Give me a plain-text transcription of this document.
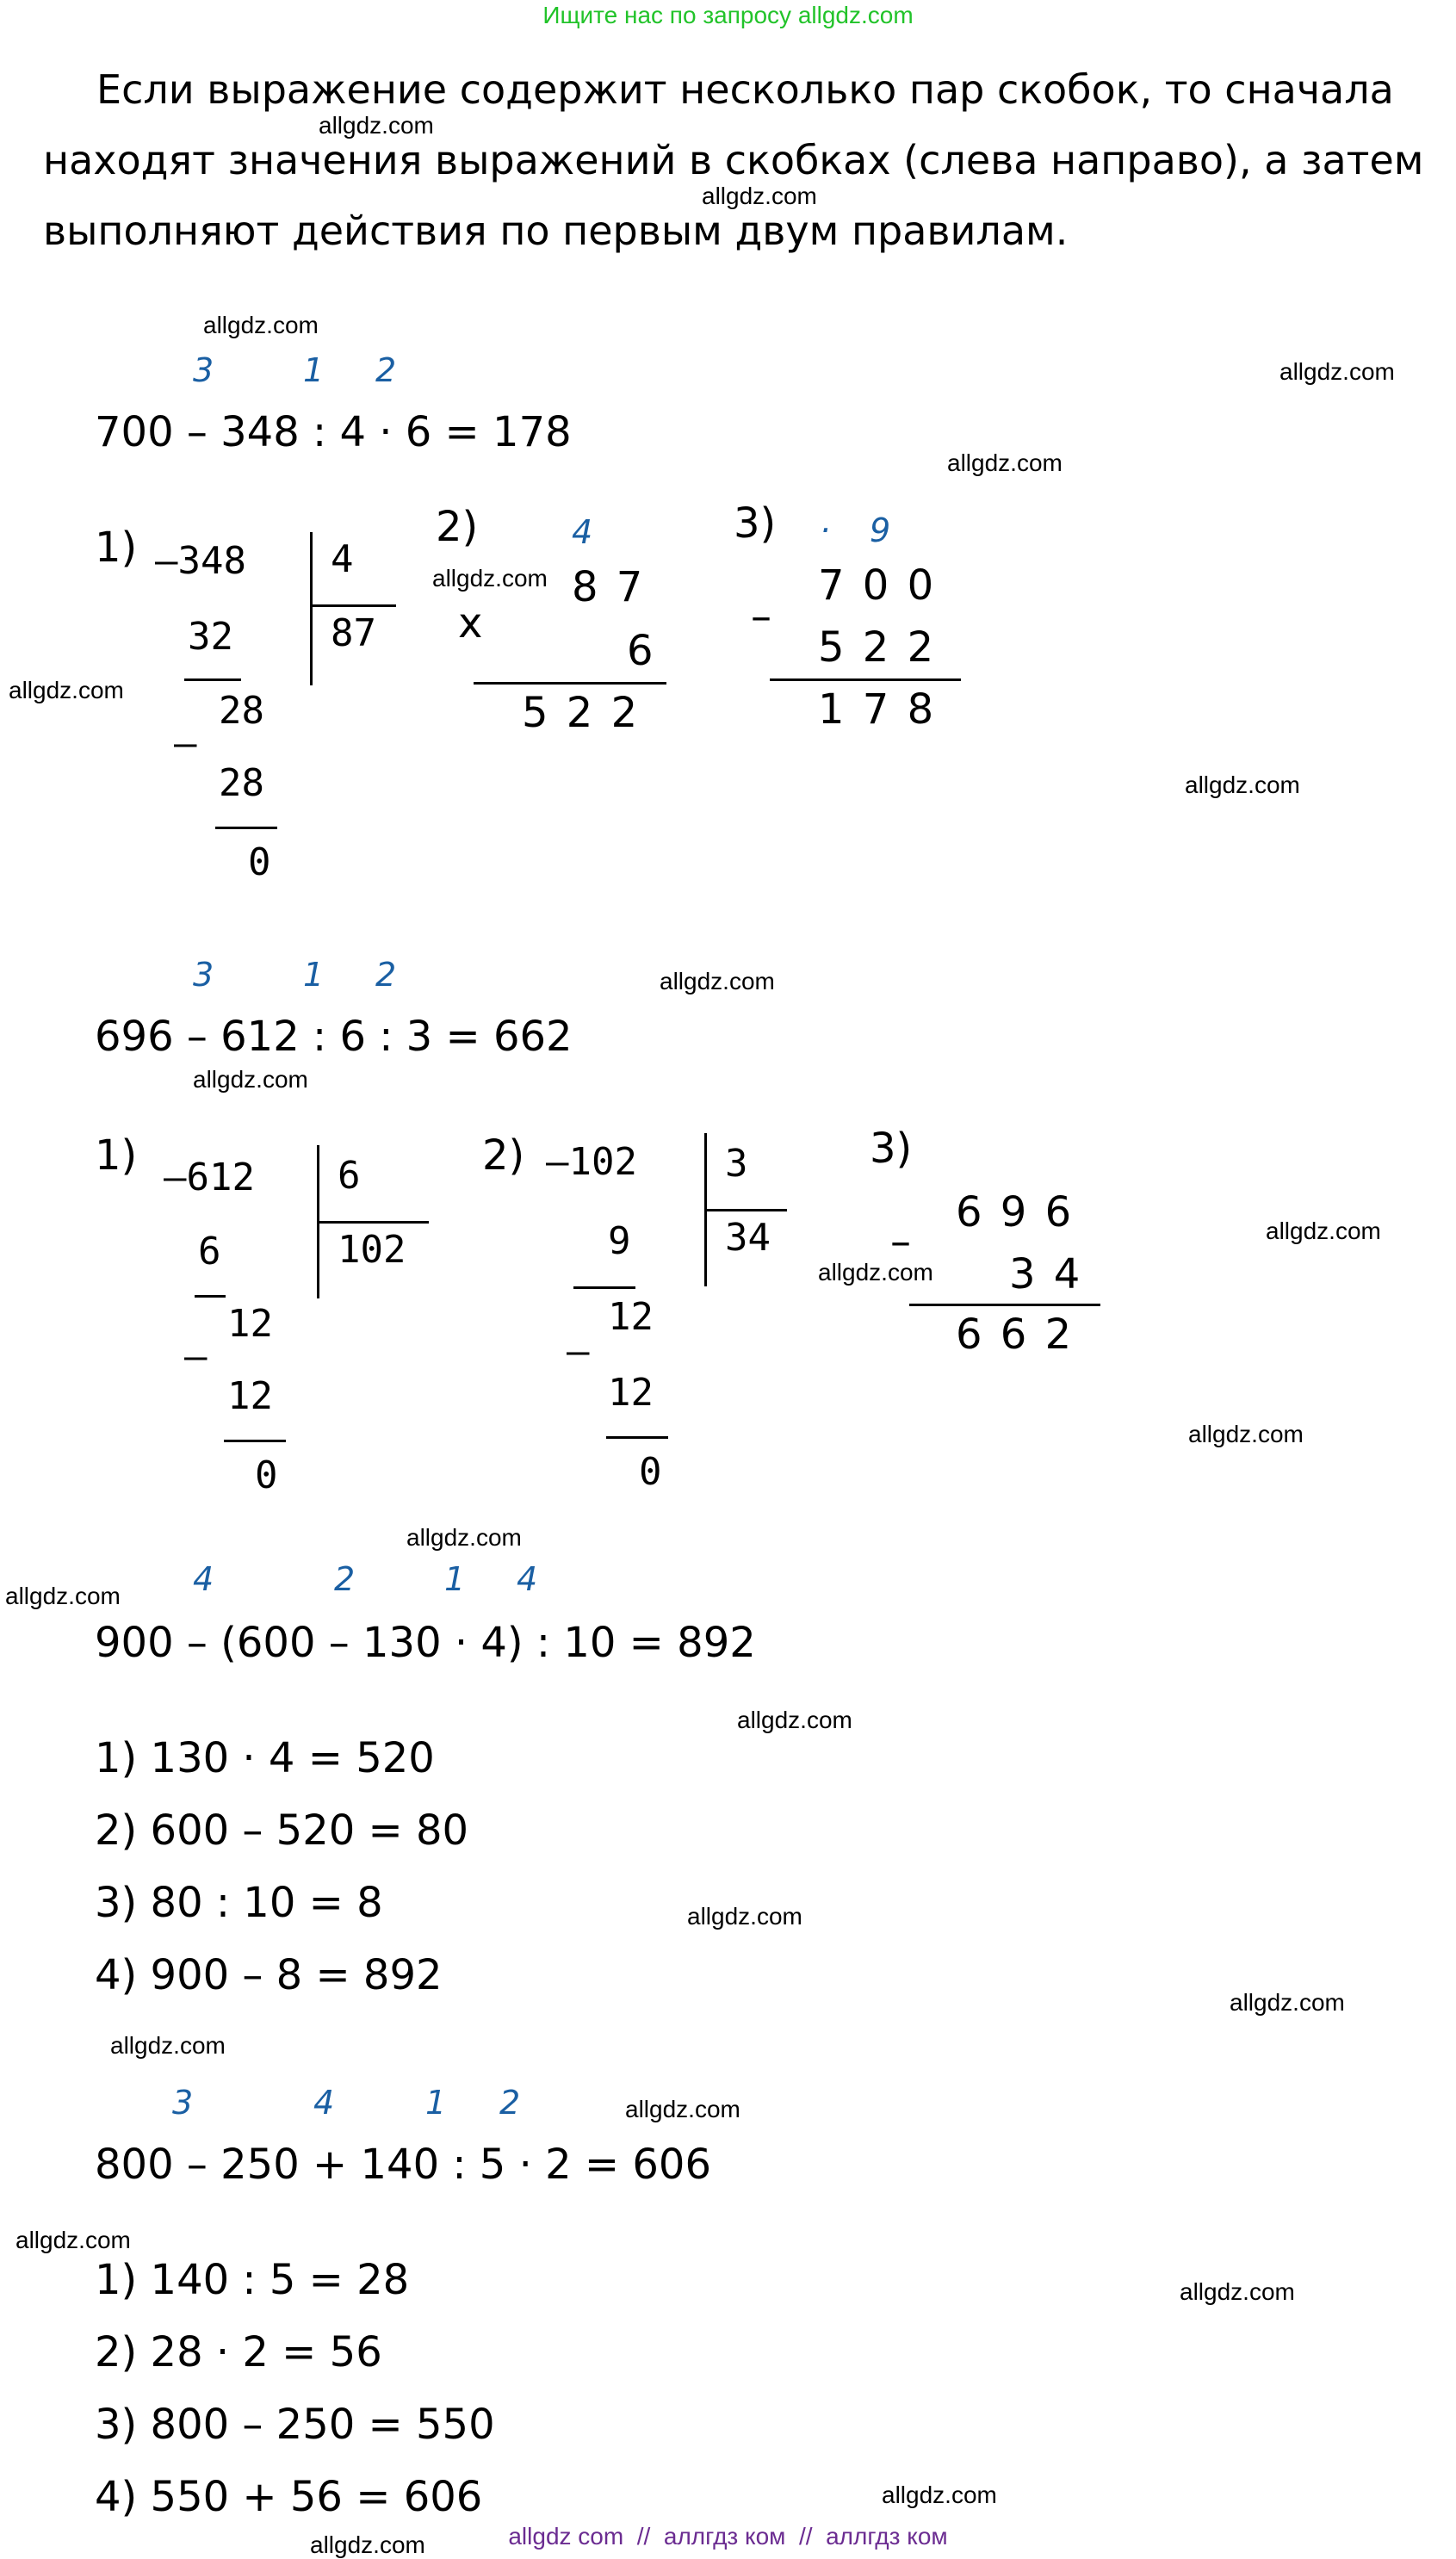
Ищите нас по запросу allgdz.com
Если выражение содержит несколько пар скобок, то сначала
находят значения выражений в скобках (слева направо), а затем
выполняют действия по первым двум правилам.
allgdz.com
allgdz.com
allgdz.com
allgdz.com
allgdz.com
allgdz.com
allgdz.com
allgdz.com
allgdz.com
allgdz.com
allgdz.com
allgdz.com
allgdz.com
allgdz.com
allgdz.com
allgdz.com
allgdz.com
allgdz.com
allgdz.com
allgdz.com
allgdz.com
allgdz.com
allgdz.com
allgdz.com
3	1 2
700 – 348 : 4 · 6 = 178
1) –348 4
87
32
28
–
28
0
2)	4
8 7
x
6
5 2 2
3) · 9
7 0 0
–
5 2 2
1 7 8
3	1 2
696 – 612 : 6 : 3 = 662
1) –612 6
102
6
12
–
12
0
2) –102 3
34
9
12
–
12
0
3)
6 9 6
–
3 4
6 6 2
4	2	1 4
900 – (600 – 130 · 4) : 10 = 892
1) 130 · 4 = 520
2) 600 – 520 = 80
3) 80 : 10 = 8
4) 900 – 8 = 892
3	4	1 2
800 – 250 + 140 : 5 · 2 = 606
1) 140 : 5 = 28
2) 28 · 2 = 56
3) 800 – 250 = 550
4) 550 + 56 = 606
allgdz com  //  аллгдз ком  //  аллгдз ком
